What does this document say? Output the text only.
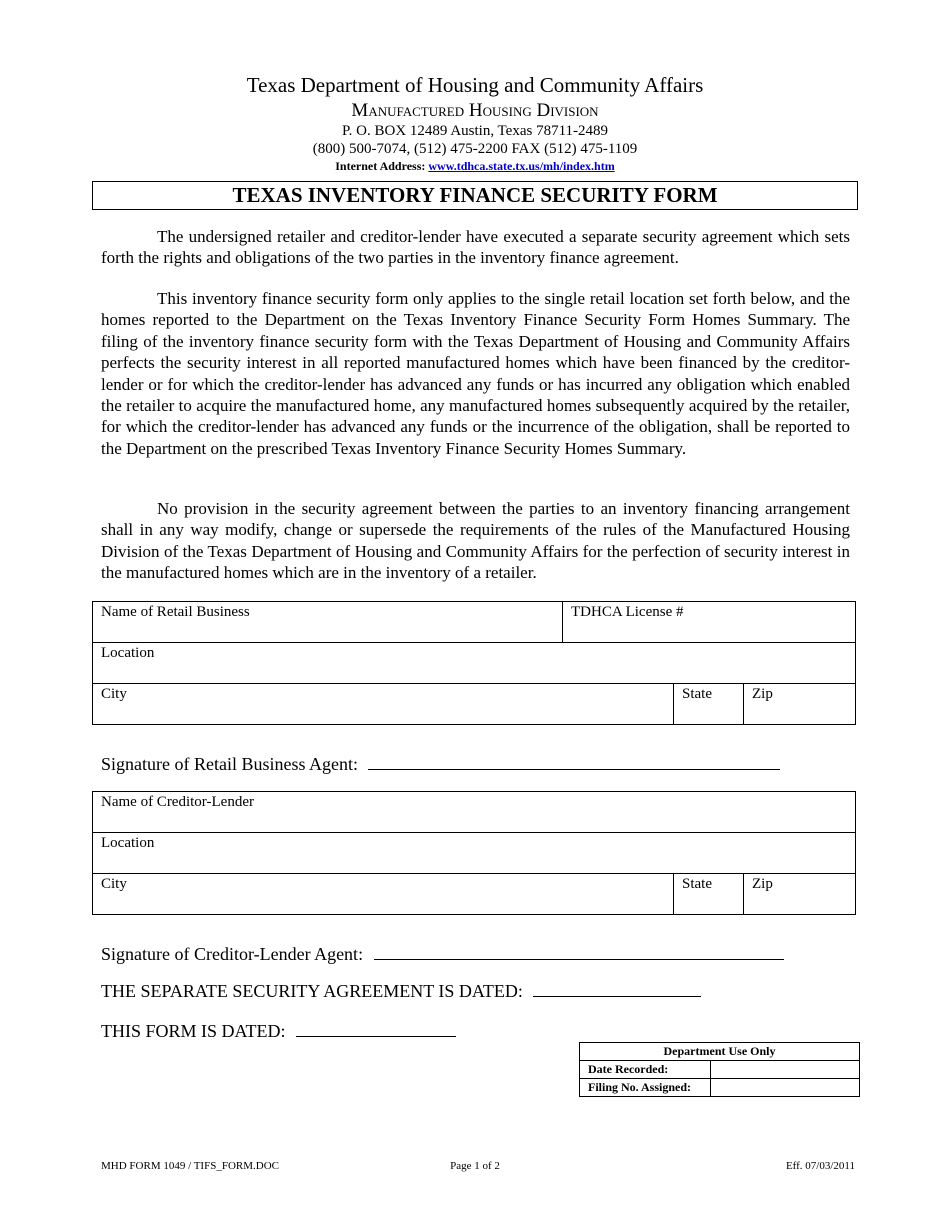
Texas Department of Housing and Community Affairs
Manufactured Housing Division
P. O. BOX 12489 Austin, Texas 78711-2489
(800) 500-7074, (512) 475-2200 FAX (512) 475-1109
Internet Address: www.tdhca.state.tx.us/mh/index.htm
TEXAS INVENTORY FINANCE SECURITY FORM

The undersigned retailer and creditor-lender have executed a separate security agreement which sets forth the rights and obligations of the two parties in the inventory finance agreement.

This inventory finance security form only applies to the single retail location set forth below, and the homes reported to the Department on the Texas Inventory Finance Security Form Homes Summary. The filing of the inventory finance security form with the Texas Department of Housing and Community Affairs perfects the security interest in all reported manufactured homes which have been financed by the creditor-lender or for which the creditor-lender has advanced any funds or has incurred any obligation which enabled the retailer to acquire the manufactured home, any manufactured homes subsequently acquired by the retailer, for which the creditor-lender has advanced any funds or the incurrence of the obligation, shall be reported to the Department on the prescribed Texas Inventory Finance Security Homes Summary.

No provision in the security agreement between the parties to an inventory financing arrangement shall in any way modify, change or supersede the requirements of the rules of the Manufactured Housing Division of the Texas Department of Housing and Community Affairs for the perfection of security interest in the manufactured homes which are in the inventory of a retailer.

Name of Retail Business	TDHCA License #		
Location			
City		State	Zip
Signature of Retail Business Agent:
Name of Creditor-Lender
Location
City	State	Zip
Signature of Creditor-Lender Agent:
THE SEPARATE SECURITY AGREEMENT IS DATED:
THIS FORM IS DATED:
Department Use Only	
Date Recorded:	
Filing No. Assigned:	
MHD FORM 1049 / TIFS_FORM.DOC	Page 1 of 2	Eff. 07/03/2011
